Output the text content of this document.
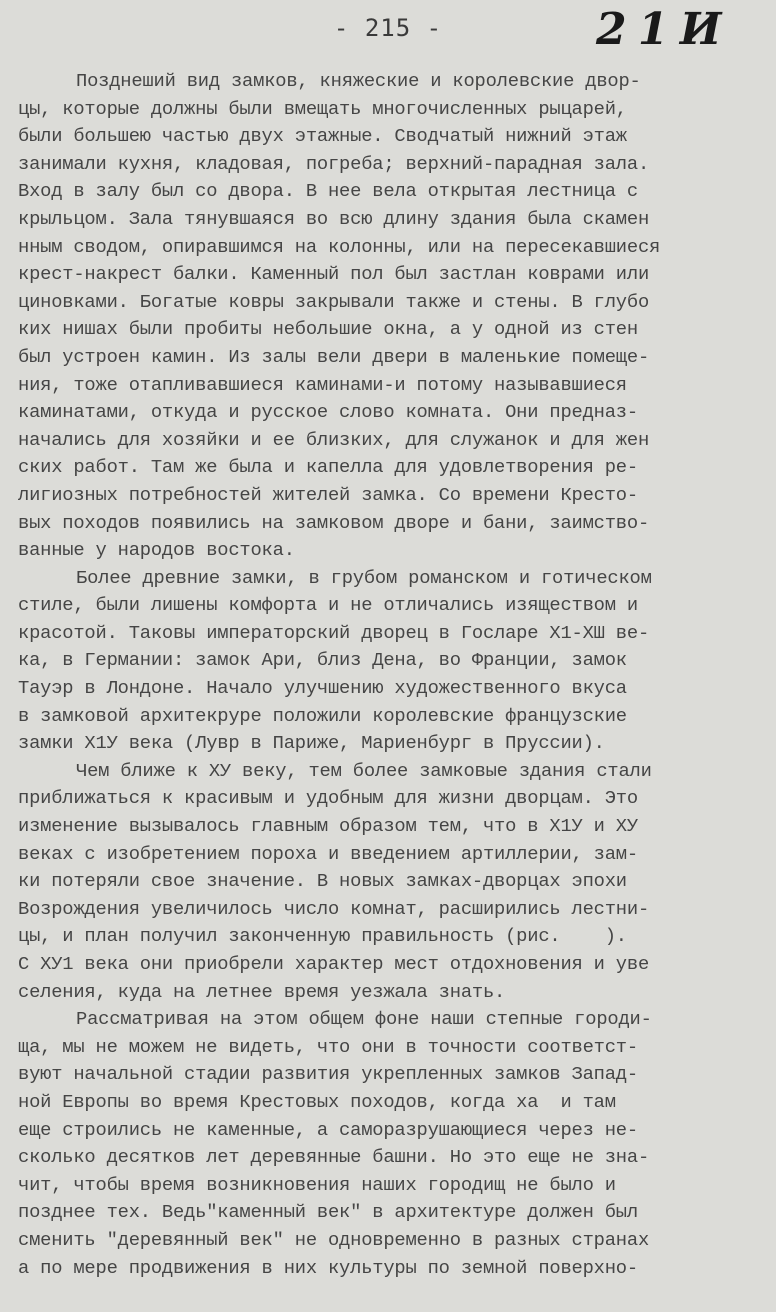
- 215 -	2 1 И
Позднеший вид замков, княжеские и королевские двор-
цы, которые должны были вмещать многочисленных рыцарей,
были большею частью двух этажные. Сводчатый нижний этаж
занимали кухня, кладовая, погреба; верхний-парадная зала.
Вход в залу был со двора. В нее вела открытая лестница с
крыльцом. Зала тянувшаяся во всю длину здания была скамен
нным сводом, опиравшимся на колонны, или на пересекавшиеся
крест-накрест балки. Каменный пол был застлан коврами или
циновками. Богатые ковры закрывали также и стены. В глубо
ких нишах были пробиты небольшие окна, а у одной из стен
был устроен камин. Из залы вели двери в маленькие помеще-
ния, тоже отапливавшиеся каминами-и потому называвшиеся
каминатами, откуда и русское слово комната. Они предназ-
начались для хозяйки и ее близких, для служанок и для жен
ских работ. Там же была и капелла для удовлетворения ре-
лигиозных потребностей жителей замка. Со времени Кресто-
вых походов появились на замковом дворе и бани, заимство-
ванные у народов востока.
Более древние замки, в грубом романском и готическом
стиле, были лишены комфорта и не отличались изяществом и
красотой. Таковы императорский дворец в Госларе Х1-ХШ ве-
ка, в Германии: замок Ари, близ Дена, во Франции, замок
Тауэр в Лондоне. Начало улучшению художественного вкуса
в замковой архитекруре положили королевские французские
замки Х1У века (Лувр в Париже, Мариенбург в Пруссии).
Чем ближе к ХУ веку, тем более замковые здания стали
приближаться к красивым и удобным для жизни дворцам. Это
изменение вызывалось главным образом тем, что в Х1У и ХУ
веках с изобретением пороха и введением артиллерии, зам-
ки потеряли свое значение. В новых замках-дворцах эпохи
Возрождения увеличилось число комнат, расширились лестни-
цы, и план получил законченную правильность (рис.    ).
С ХУ1 века они приобрели характер мест отдохновения и уве
селения, куда на летнее время уезжала знать.
Рассматривая на этом общем фоне наши степные городи-
ща, мы не можем не видеть, что они в точности соответст-
вуют начальной стадии развития укрепленных замков Запад-
ной Европы во время Крестовых походов, когда ха  и там
еще строились не каменные, а саморазрушающиеся через не-
сколько десятков лет деревянные башни. Но это еще не зна-
чит, чтобы время возникновения наших городищ не было и
позднее тех. Ведь"каменный век" в архитектуре должен был
сменить "деревянный век" не одновременно в разных странах
а по мере продвижения в них культуры по земной поверхно-
